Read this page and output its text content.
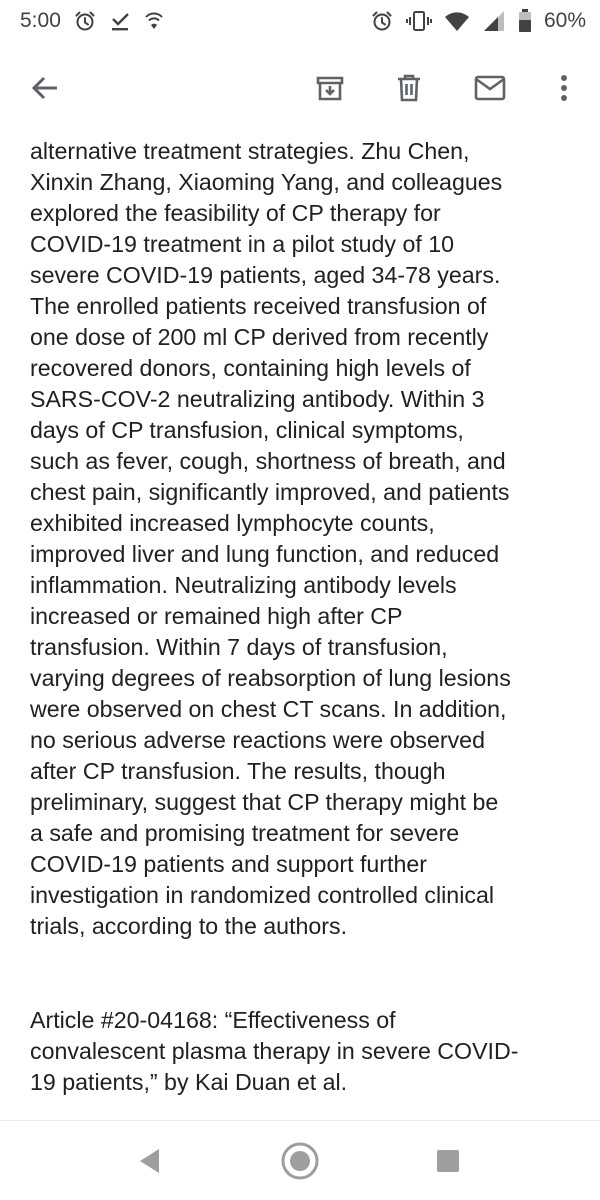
5:00	60%
alternative treatment strategies. Zhu Chen,
Xinxin Zhang, Xiaoming Yang, and colleagues
explored the feasibility of CP therapy for
COVID-19 treatment in a pilot study of 10
severe COVID-19 patients, aged 34-78 years.
The enrolled patients received transfusion of
one dose of 200 ml CP derived from recently
recovered donors, containing high levels of
SARS-COV-2 neutralizing antibody. Within 3
days of CP transfusion, clinical symptoms,
such as fever, cough, shortness of breath, and
chest pain, significantly improved, and patients
exhibited increased lymphocyte counts,
improved liver and lung function, and reduced
inflammation. Neutralizing antibody levels
increased or remained high after CP
transfusion. Within 7 days of transfusion,
varying degrees of reabsorption of lung lesions
were observed on chest CT scans. In addition,
no serious adverse reactions were observed
after CP transfusion. The results, though
preliminary, suggest that CP therapy might be
a safe and promising treatment for severe
COVID-19 patients and support further
investigation in randomized controlled clinical
trials, according to the authors.
Article #20-04168: “Effectiveness of
convalescent plasma therapy in severe COVID-
19 patients,” by Kai Duan et al.
